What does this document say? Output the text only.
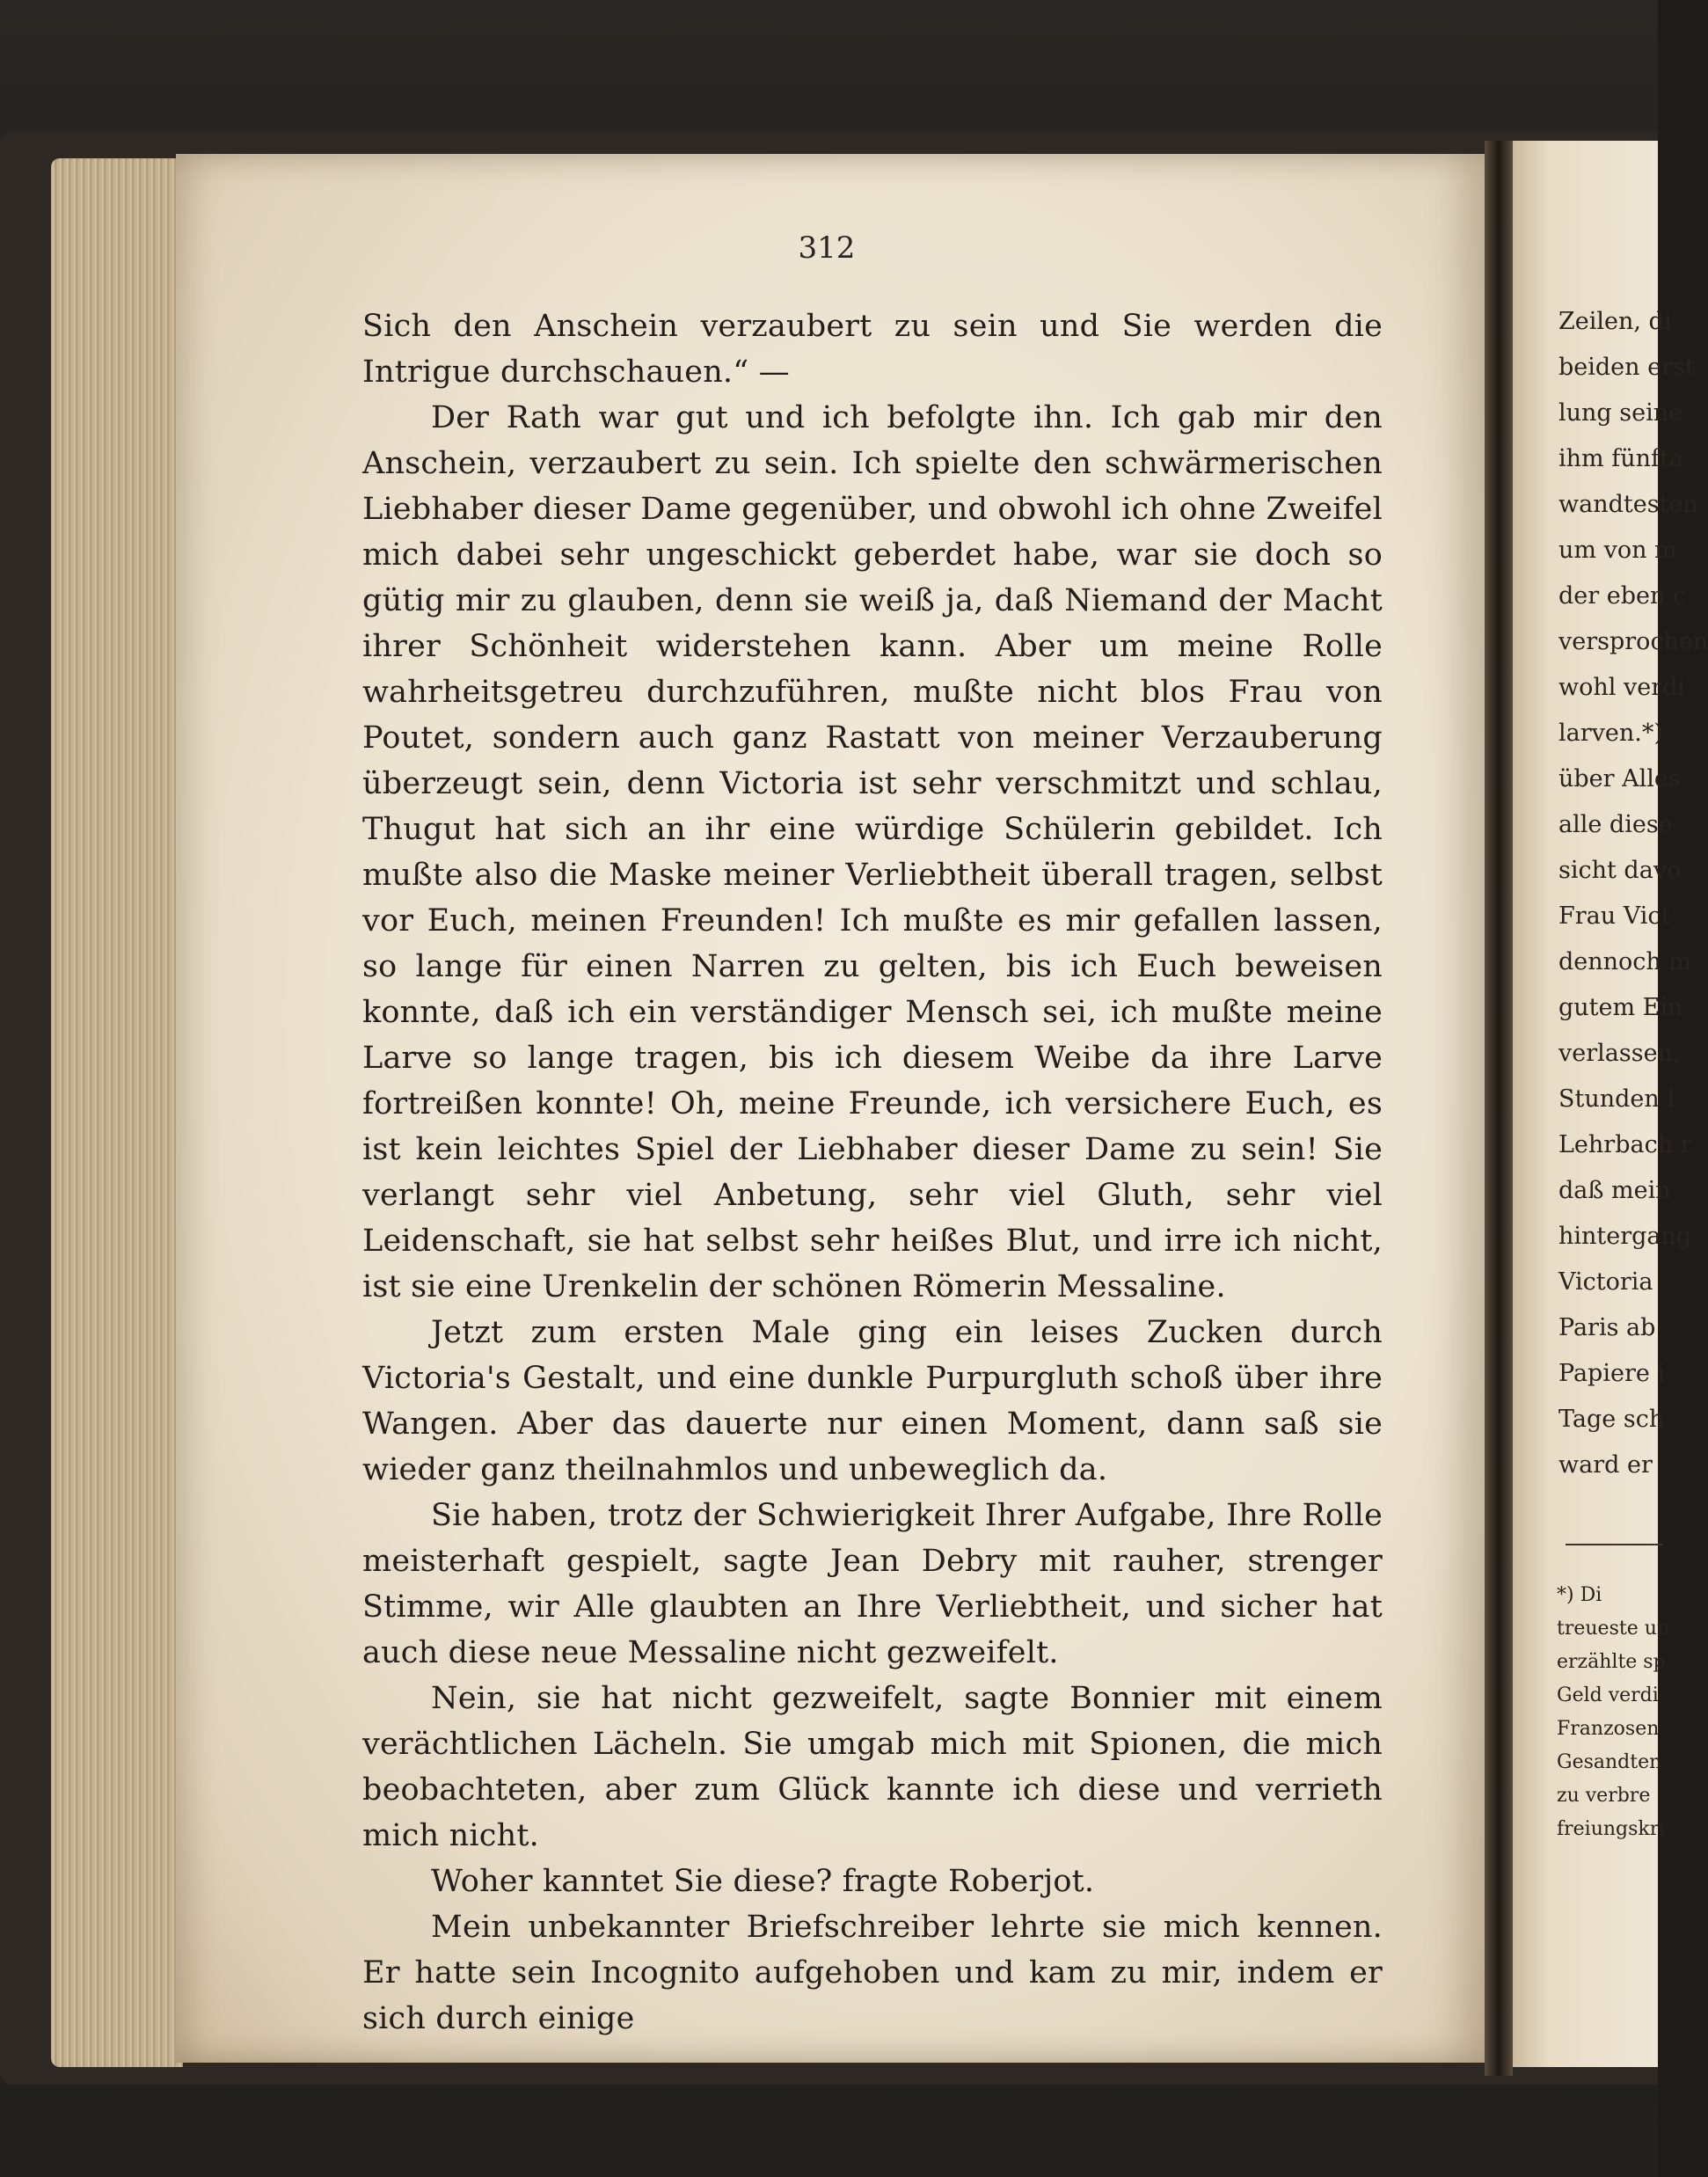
312

Sich den Anschein verzaubert zu sein und Sie werden die Intrigue durchschauen.“ —

Der Rath war gut und ich befolgte ihn. Ich gab mir den Anschein, verzaubert zu sein. Ich spielte den schwärmerischen Liebhaber dieser Dame gegenüber, und obwohl ich ohne Zweifel mich dabei sehr ungeschickt geberdet habe, war sie doch so gütig mir zu glauben, denn sie weiß ja, daß Niemand der Macht ihrer Schönheit widerstehen kann. Aber um meine Rolle wahrheitsgetreu durchzuführen, mußte nicht blos Frau von Poutet, sondern auch ganz Rastatt von meiner Verzauberung überzeugt sein, denn Victoria ist sehr verschmitzt und schlau, Thugut hat sich an ihr eine würdige Schülerin gebildet. Ich mußte also die Maske meiner Verliebtheit überall tragen, selbst vor Euch, meinen Freunden! Ich mußte es mir gefallen lassen, so lange für einen Narren zu gelten, bis ich Euch beweisen konnte, daß ich ein verständiger Mensch sei, ich mußte meine Larve so lange tragen, bis ich diesem Weibe da ihre Larve fortreißen konnte! Oh, meine Freunde, ich versichere Euch, es ist kein leichtes Spiel der Liebhaber dieser Dame zu sein! Sie verlangt sehr viel Anbetung, sehr viel Gluth, sehr viel Leidenschaft, sie hat selbst sehr heißes Blut, und irre ich nicht, ist sie eine Urenkelin der schönen Römerin Messaline.

Jetzt zum ersten Male ging ein leises Zucken durch Victoria's Gestalt, und eine dunkle Purpurgluth schoß über ihre Wangen. Aber das dauerte nur einen Moment, dann saß sie wieder ganz theilnahmlos und unbeweglich da.

Sie haben, trotz der Schwierigkeit Ihrer Aufgabe, Ihre Rolle meisterhaft gespielt, sagte Jean Debry mit rauher, strenger Stimme, wir Alle glaubten an Ihre Verliebtheit, und sicher hat auch diese neue Messaline nicht gezweifelt.

Nein, sie hat nicht gezweifelt, sagte Bonnier mit einem verächtlichen Lächeln. Sie umgab mich mit Spionen, die mich beobachteten, aber zum Glück kannte ich diese und verrieth mich nicht.

Woher kanntet Sie diese? fragte Roberjot.

Mein unbekannter Briefschreiber lehrte sie mich kennen. Er hatte sein Incognito aufgehoben und kam zu mir, indem er sich durch einige

Zeilen, di
beiden erst
lung seine
ihm fünfta
wandtesten
um von m
der eben c
versprochen
wohl verdi
larven.*)
über Alles
alle diese
sicht davo
Frau Vict
dennoch m
gutem Ein
verlassen,
Stunden l
Lehrbach r
daß mein
hintergang
Victoria
Paris ab
Papiere i
Tage sch
ward er
*) Di
treueste un
erzählte sp
Geld verdi
Franzosen
Gesandten
zu verbre
freiungskri
